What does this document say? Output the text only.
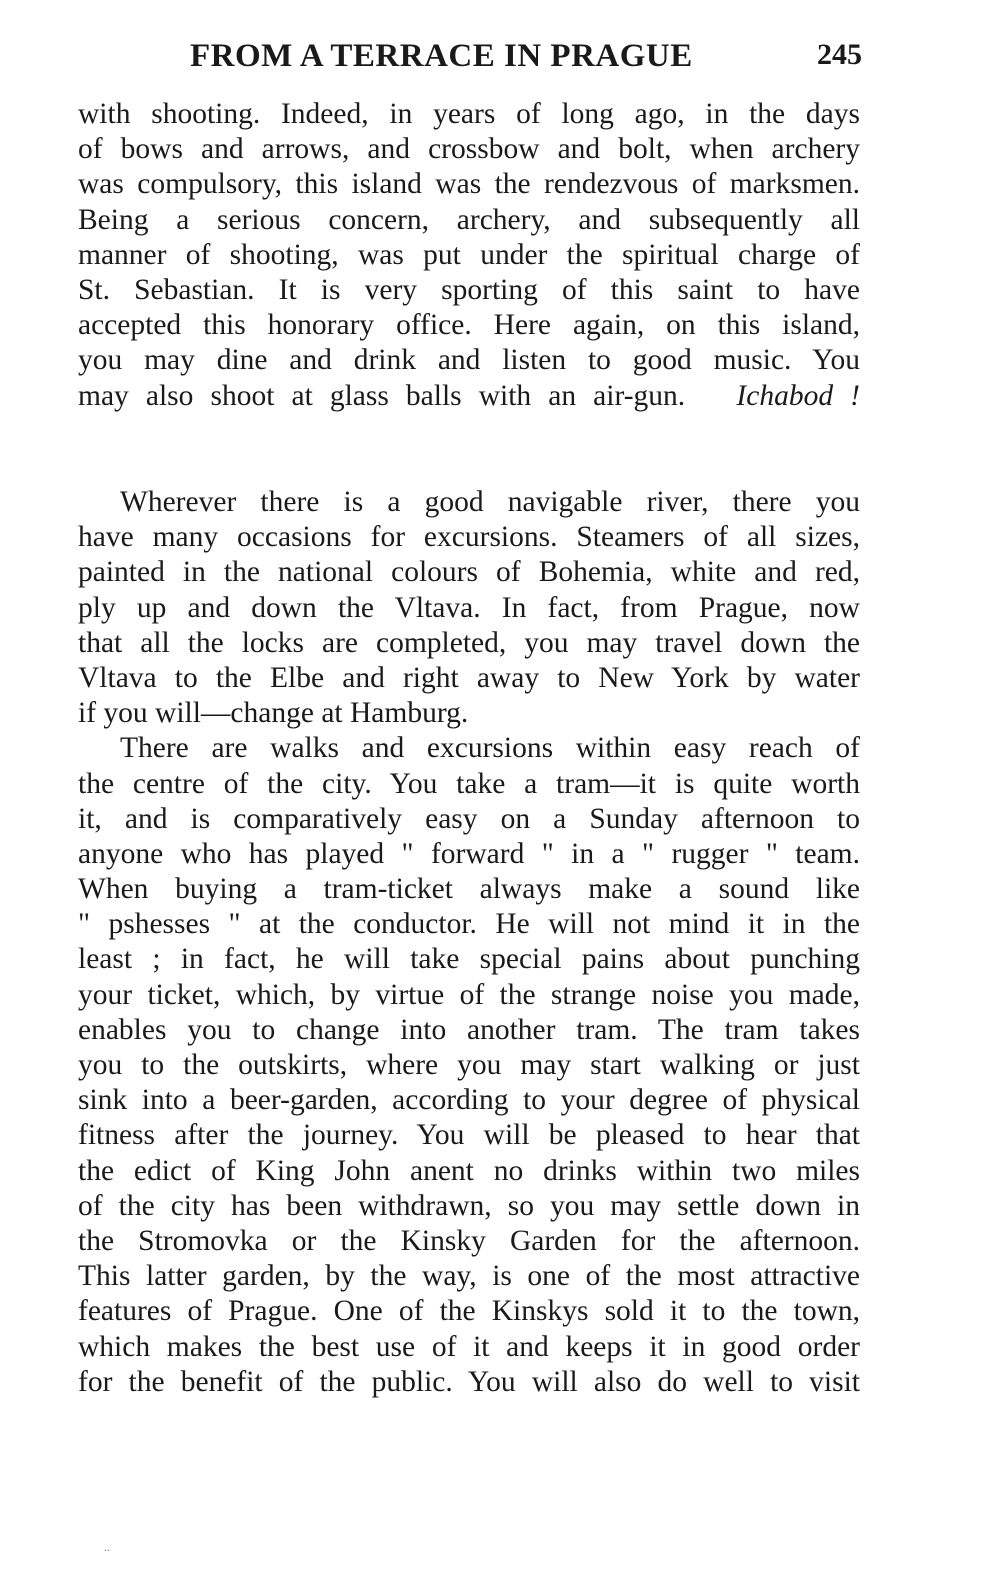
FROM A TERRACE IN PRAGUE	245
with shooting. Indeed, in years of long ago, in the days
of bows and arrows, and crossbow and bolt, when archery
was compulsory, this island was the rendezvous of marksmen.
Being a serious concern, archery, and subsequently all
manner of shooting, was put under the spiritual charge of
St. Sebastian. It is very sporting of this saint to have
accepted this honorary office. Here again, on this island,
you may dine and drink and listen to good music. You
may also shoot at glass balls with an air-gun. Ichabod !
Wherever there is a good navigable river, there you
have many occasions for excursions. Steamers of all sizes,
painted in the national colours of Bohemia, white and red,
ply up and down the Vltava. In fact, from Prague, now
that all the locks are completed, you may travel down the
Vltava to the Elbe and right away to New York by water
if you will—change at Hamburg.
There are walks and excursions within easy reach of
the centre of the city. You take a tram—it is quite worth
it, and is comparatively easy on a Sunday afternoon to
anyone who has played " forward " in a " rugger " team.
When buying a tram-ticket always make a sound like
" pshesses " at the conductor. He will not mind it in the
least ; in fact, he will take special pains about punching
your ticket, which, by virtue of the strange noise you made,
enables you to change into another tram. The tram takes
you to the outskirts, where you may start walking or just
sink into a beer-garden, according to your degree of physical
fitness after the journey. You will be pleased to hear that
the edict of King John anent no drinks within two miles
of the city has been withdrawn, so you may settle down in
the Stromovka or the Kinsky Garden for the afternoon.
This latter garden, by the way, is one of the most attractive
features of Prague. One of the Kinskys sold it to the town,
which makes the best use of it and keeps it in good order
for the benefit of the public. You will also do well to visit
..
